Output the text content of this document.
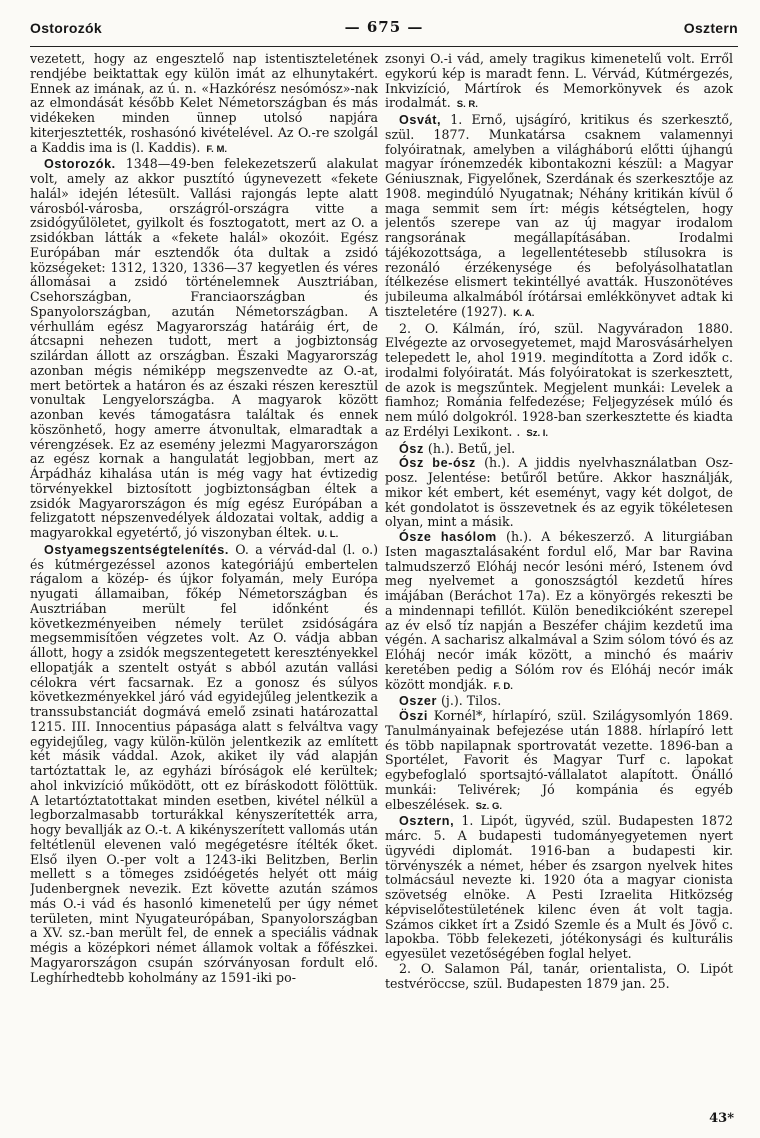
Ostorozók	— 675 —	Osztern

vezetett, hogy az engesztelő nap istentiszteletének rendjébe beiktattak egy külön imát az elhunytakért. Ennek az imának, az ú. n. «Hazkórész nesómósz»-nak az elmondását később Kelet Németországban és más vidékeken minden ünnep utolsó napjára kiterjesztették, roshasónó kivételével. Az O.-re szolgál a Kaddis ima is (l. Kaddis). F. M.

Ostorozók. 1348—49-ben felekezetszerű alakulat volt, amely az akkor pusztító úgynevezett «fekete halál» idején létesült. Vallási rajongás lepte alatt városból-városba, országról-országra vitte a zsidógyűlöletet, gyilkolt és fosztogatott, mert az O. a zsidókban látták a «fekete halál» okozóit. Egész Európában már esztendők óta dultak a zsidó községeket: 1312, 1320, 1336—37 kegyetlen és véres állomásai a zsidó történelemnek Ausztriában, Csehországban, Franciaországban és Spanyolországban, azután Németországban. A vérhullám egész Magyarország határáig ért, de átcsapni nehezen tudott, mert a jogbiztonság szilárdan állott az országban. Északi Magyarország azonban mégis némiképp megszenvedte az O.-at, mert betörtek a határon és az északi részen keresztül vonultak Lengyelországba. A magyarok között azonban kevés támogatásra találtak és ennek köszönhető, hogy amerre átvonultak, elmaradtak a vérengzések. Ez az esemény jelezmi Magyarországon az egész kornak a hangulatát legjobban, mert az Árpádház kihalása után is még vagy hat évtizedig törvényekkel biztosított jogbiztonságban éltek a zsidók Magyarországon és míg egész Európában a felizgatott népszenvedélyek áldozatai voltak, addig a magyarokkal egyetértő, jó viszonyban éltek. U. L.

Ostyamegszentségtelenítés. O. a vérvád-dal (l. o.) és kútmérgezéssel azonos kategóriájú embertelen rágalom a közép- és újkor folyamán, mely Európa nyugati államaiban, főkép Németországban és Ausztriában merült fel időnként és következményeiben némely terület zsidóságára megsemmisítően végzetes volt. Az O. vádja abban állott, hogy a zsidók megszentegetett keresztényekkel ellopatják a szentelt ostyát s abból azután vallási célokra vért facsarnak. Ez a gonosz és súlyos következményekkel járó vád egyidejűleg jelentkezik a transsubstanciát dogmává emelő zsinati határozattal 1215. III. Innocentius pápasága alatt s felváltva vagy egyidejűleg, vagy külön-külön jelentkezik az említett két másik váddal. Azok, akiket ily vád alapján tartóztattak le, az egyházi bíróságok elé kerültek; ahol inkvizíció működött, ott ez bíráskodott fölöttük. A letartóztatottakat minden esetben, kivétel nélkül a legborzalmasabb torturákkal kényszerítették arra, hogy bevallják az O.-t. A kikényszerített vallomás után feltétlenül elevenen való megégetésre ítélték őket. Első ilyen O.-per volt a 1243-iki Belitzben, Berlin mellett s a tömeges zsidóégetés helyét ott máig Judenbergnek nevezik. Ezt követte azután számos más O.-i vád és hasonló kimenetelű per úgy német területen, mint Nyugateurópában, Spanyolországban a XV. sz.-ban merült fel, de ennek a speciális vádnak mégis a középkori német államok voltak a főfészkei. Magyarországon csupán szórványosan fordult elő. Leghírhedtebb koholmány az 1591-iki po-

zsonyi O.-i vád, amely tragikus kimenetelű volt. Erről egykorú kép is maradt fenn. L. Vérvád, Kútmérgezés, Inkvizíció, Mártírok és Memorkönyvek és azok irodalmát. S. R.

Osvát, 1. Ernő, ujságíró, kritikus és szerkesztő, szül. 1877. Munkatársa csaknem valamennyi folyóiratnak, amelyben a világháború előtti újhangú magyar írónemzedék kibontakozni készül: a Magyar Géniusznak, Figyelőnek, Szerdának és szerkesztője az 1908. megindúló Nyugatnak; Néhány kritikán kívül ő maga semmit sem írt: mégis kétségtelen, hogy jelentős szerepe van az új magyar irodalom rangsorának megállapításában. Irodalmi tájékozottsága, a legellentétesebb stílusokra is rezonáló érzékenysége és befolyásolhatatlan ítélkezése elismert tekintéllyé avatták. Huszonötéves jubileuma alkalmából írótársai emlékkönyvet adtak ki tiszteletére (1927). K. A.

2. O. Kálmán, író, szül. Nagyváradon 1880. Elvégezte az orvosegyetemet, majd Marosvásárhelyen telepedett le, ahol 1919. megindította a Zord idők c. irodalmi folyóiratát. Más folyóiratokat is szerkesztett, de azok is megszűntek. Megjelent munkái: Levelek a fiamhoz; Románia felfedezése; Feljegyzések múló és nem múló dolgokról. 1928-ban szerkesztette és kiadta az Erdélyi Lexikont. . Sz. I.

Ósz (h.). Betű, jel.

Ósz be-ósz (h.). A jiddis nyelvhasználatban Osz-posz. Jelentése: betűről betűre. Akkor használják, mikor két embert, két eseményt, vagy két dolgot, de két gondolatot is összevetnek és az egyik tökéletesen olyan, mint a másik.

Ósze hasólom (h.). A békeszerző. A liturgiában Isten magasztalásaként fordul elő, Mar bar Ravina talmudszerző Elóháj necór lesóni méró, Istenem óvd meg nyelvemet a gonoszságtól kezdetű híres imájában (Beráchot 17a). Ez a könyörgés rekeszti be a mindennapi tefillót. Külön benedikcióként szerepel az év első tíz napján a Beszéfer chájim kezdetű ima végén. A sacharisz alkalmával a Szim sólom tóvó és az Elóháj necór imák között, a minchó és maáriv keretében pedig a Sólóm rov és Elóháj necór imák között mondják. F. D.

Oszer (j.). Tilos.

Öszi Kornél*, hírlapíró, szül. Szilágysomlyón 1869. Tanulmányainak befejezése után 1888. hírlapíró lett és több napilapnak sportrovatát vezette. 1896-ban a Sportélet, Favorit és Magyar Turf c. lapokat egybefoglaló sportsajtó-vállalatot alapított. Önálló munkái: Telivérek; Jó kompánia és egyéb elbeszélések. Sz. G.

Osztern, 1. Lipót, ügyvéd, szül. Budapesten 1872 márc. 5. A budapesti tudományegyetemen nyert ügyvédi diplomát. 1916-ban a budapesti kir. törvényszék a német, héber és zsargon nyelvek hites tolmácsául nevezte ki. 1920 óta a magyar cionista szövetség elnöke. A Pesti Izraelita Hitközség képviselőtestületének kilenc éven át volt tagja. Számos cikket írt a Zsidó Szemle és a Mult és Jövő c. lapokba. Több felekezeti, jótékonysági és kulturális egyesület vezetőségében foglal helyet.

2. O. Salamon Pál, tanár, orientalista, O. Lipót testvéröccse, szül. Budapesten 1879 jan. 25.

43*
